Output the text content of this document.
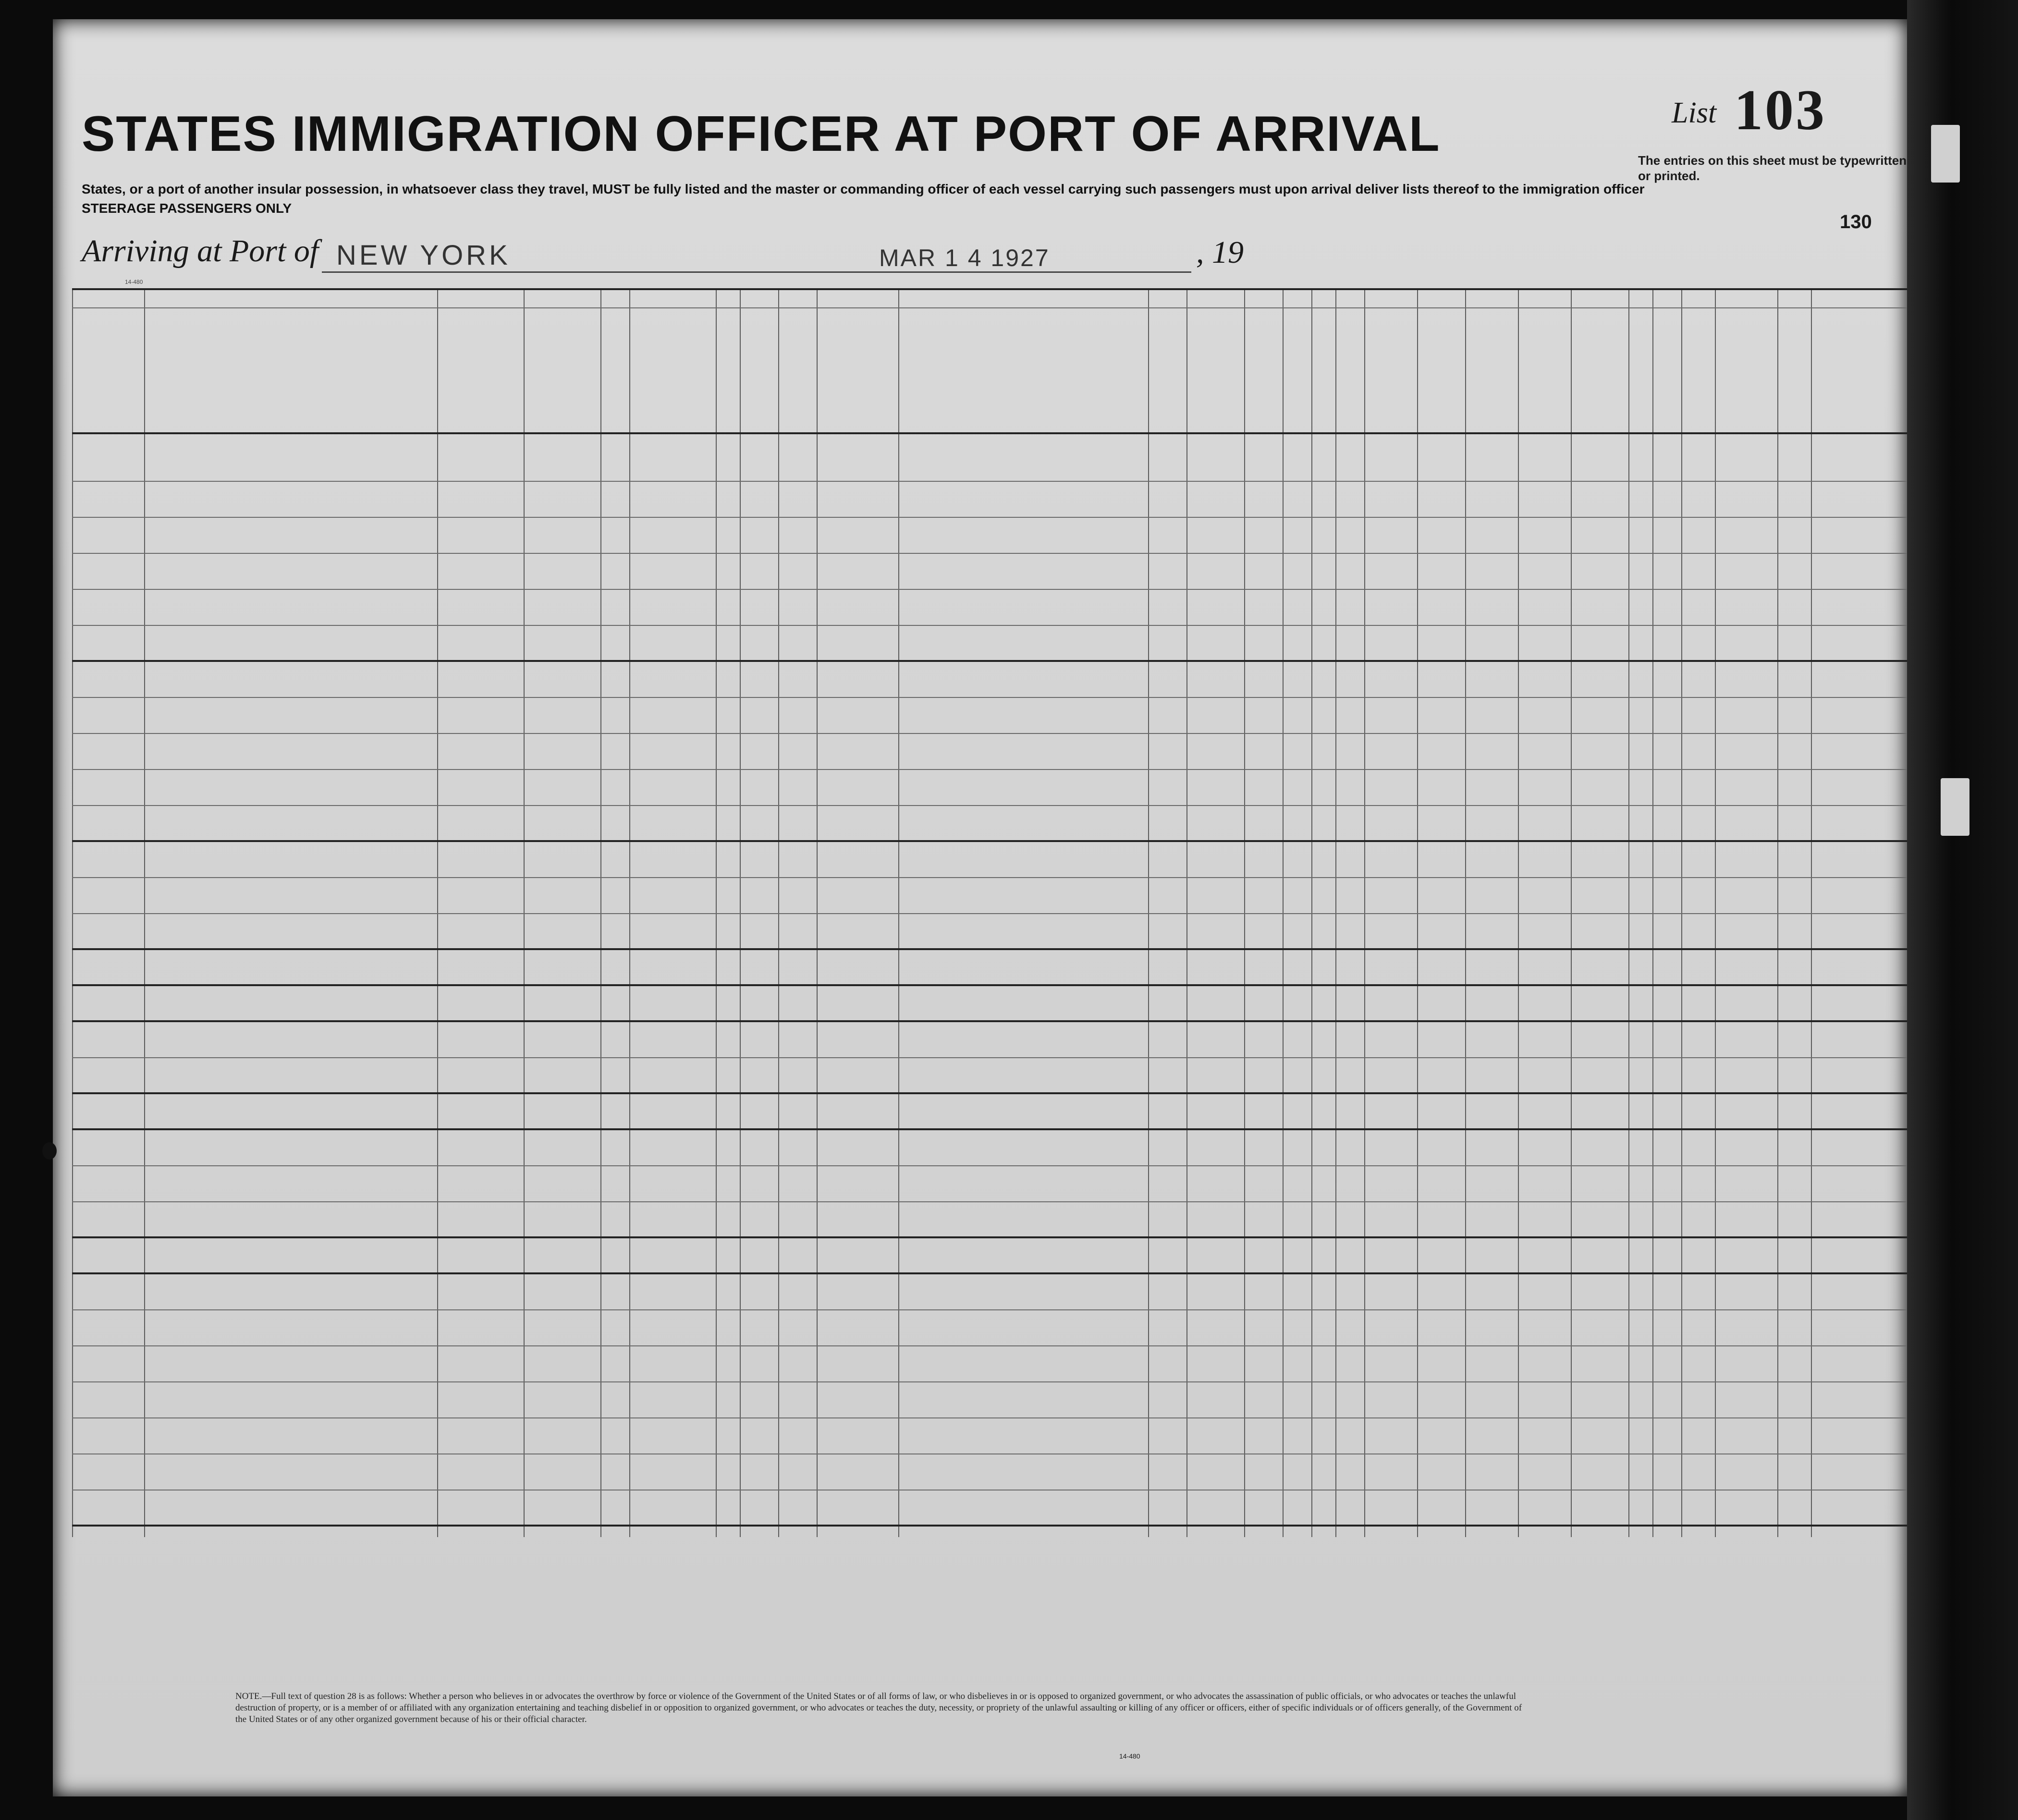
14-480
STATES IMMIGRATION OFFICER AT PORT OF ARRIVAL
States, or a port of another insular possession, in whatsoever class they travel, MUST be fully listed and the master or commanding officer of each vessel carrying such passengers must upon arrival deliver lists thereof to the immigration officer
STEERAGE PASSENGERS ONLY
List 103
The entries on this sheet must be typewritten or printed.
130
Arriving at Port of NEW YORK	MAR 1 4 1927	, 19
NOTE.—Full text of question 28 is as follows: Whether a person who believes in or advocates the overthrow by force or violence of the Government of the United States or of all forms of law, or who disbelieves in or is opposed to organized government, or who advocates the assassination of public officials, or who advocates or teaches the unlawful destruction of property, or is a member of or affiliated with any organization entertaining and teaching disbelief in or opposition to organized government, or who advocates or teaches the duty, necessity, or propriety of the unlawful assaulting or killing of any officer or officers, either of specific individuals or of officers generally, of the Government of the United States or of any other organized government because of his or their official character.
14-480
